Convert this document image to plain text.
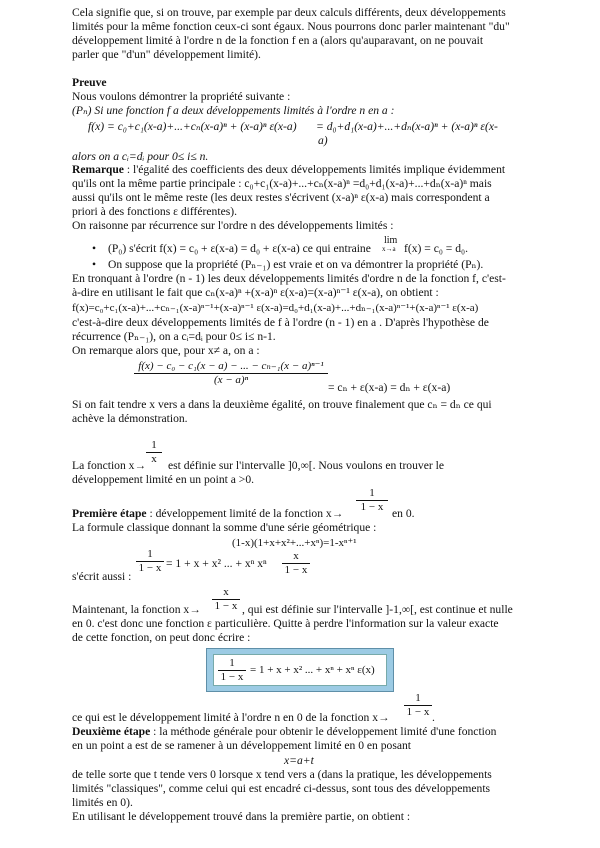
Cela signifie que, si on trouve, par exemple par deux calculs différents, deux développements
limités pour la même fonction ceux-ci sont égaux. Nous pourrons donc parler maintenant "du"
développement limité à l'ordre n de la fonction f en a (alors qu'auparavant, on ne pouvait
parler que "d'un" développement limité).
Preuve
Nous voulons démontrer la propriété suivante :
(Pₙ) Si une fonction f a deux développements limités à l'ordre n en a :
f(x) = c₀+c₁(x-a)+...+cₙ(x-a)ⁿ + (x-a)ⁿ ε(x-a) = d₀+d₁(x-a)+...+dₙ(x-a)ⁿ + (x-a)ⁿ ε(x-
a)
alors on a cᵢ=dᵢ pour 0≤ i≤ n.
Remarque : l'égalité des coefficients des deux développements limités implique évidemment
qu'ils ont la même partie principale : c₀+c₁(x-a)+...+cₙ(x-a)ⁿ =d₀+d₁(x-a)+...+dₙ(x-a)ⁿ mais
aussi qu'ils ont le même reste (les deux restes s'écrivent (x-a)ⁿ ε(x-a) mais correspondent a
priori à des fonctions ε différentes).
On raisonne par récurrence sur l'ordre n des développements limités :
• (P₀) s'écrit f(x) = c₀ + ε(x-a) = d₀ + ε(x-a) ce qui entraine
lim
x→a f(x) = c₀ = d₀.
• On suppose que la propriété (Pₙ₋₁) est vraie et on va démontrer la propriété (Pₙ).
En tronquant à l'ordre (n - 1) les deux développements limités d'ordre n de la fonction f, c'est-
à-dire en utilisant le fait que cₙ(x-a)ⁿ +(x-a)ⁿ ε(x-a)=(x-a)ⁿ⁻¹ ε(x-a), on obtient :
f(x)=c₀+c₁(x-a)+...+cₙ₋₁(x-a)ⁿ⁻¹+(x-a)ⁿ⁻¹ ε(x-a)=d₀+d₁(x-a)+...+dₙ₋₁(x-a)ⁿ⁻¹+(x-a)ⁿ⁻¹ ε(x-a)
c'est-à-dire deux développements limités de f à l'ordre (n - 1) en a . D'après l'hypothèse de
récurrence (Pₙ₋₁), on a cᵢ=dᵢ pour 0≤ i≤ n-1.
On remarque alors que, pour x≠ a, on a :
$\frac{\text{f(x) − c₀ − c₁(x − a) − ... − cₙ₋₁(x − a)ⁿ⁻¹}}{\text{(x − a)ⁿ}}$
= cₙ + ε(x-a) = dₙ + ε(x-a)
Si on fait tendre x vers a dans la deuxième égalité, on trouve finalement que cₙ = dₙ ce qui
achève la démonstration.
La fonction $x\to \frac{1}{x}$ est définie sur l'intervalle ]0,∞[. Nous voulons en trouver le
développement limité en un point a >0.
Première étape : développement limité de la fonction $x\to \frac{1}{1 - x}$ en 0.
La formule classique donnant la somme d'une série géométrique :
(1-x)(1+x+x²+...+xⁿ)=1-xⁿ⁺¹
s'écrit aussi :
$\frac{1}{1 - x} = 1 + x + x^2$ ... + xⁿ xⁿ $\frac{x}{1 - x}$
Maintenant, la fonction $x\to \frac{x}{1 - x}$ , qui est définie sur l'intervalle ]-1,∞[, est continue et nulle
en 0. c'est donc une fonction ε particulière. Quitte à perdre l'information sur la valeur exacte
de cette fonction, on peut donc écrire :
$\frac{1}{1 - x} = 1 + x + x^2$ ... + xⁿ + xⁿ ε(x)
ce qui est le développement limité à l'ordre n en 0 de la fonction $x\to \frac{1}{1 - x}$ .
Deuxième étape : la méthode générale pour obtenir le développement limité d'une fonction
en un point a est de se ramener à un développement limité en 0 en posant
x=a+t
de telle sorte que t tende vers 0 lorsque x tend vers a (dans la pratique, les développements
limités "classiques", comme celui qui est encadré ci-dessus, sont tous des développements
limités en 0).
En utilisant le développement trouvé dans la première partie, on obtient :
